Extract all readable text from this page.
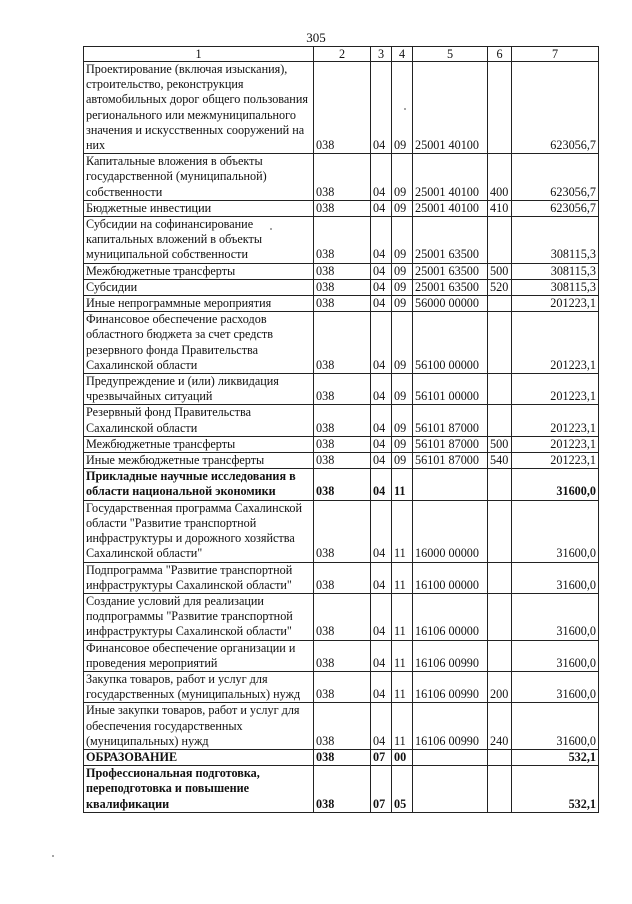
305
1	2	3	4	5	6	7
Проектирование (включая изыскания), строительство, реконструкция автомобильных дорог общего пользования регионального или межмуниципального значения и искусственных сооружений на них	038	04	09	25001 40100		623056,7
Капитальные вложения в объекты государственной (муниципальной) собственности	038	04	09	25001 40100	400	623056,7
Бюджетные инвестиции	038	04	09	25001 40100	410	623056,7
Субсидии на софинансирование капитальных вложений в объекты муниципальной собственности	038	04	09	25001 63500		308115,3
Межбюджетные трансферты	038	04	09	25001 63500	500	308115,3
Субсидии	038	04	09	25001 63500	520	308115,3
Иные непрограммные мероприятия	038	04	09	56000 00000		201223,1
Финансовое обеспечение расходов областного бюджета за счет средств резервного фонда Правительства Сахалинской области	038	04	09	56100 00000		201223,1
Предупреждение и (или) ликвидация чрезвычайных ситуаций	038	04	09	56101 00000		201223,1
Резервный фонд Правительства Сахалинской области	038	04	09	56101 87000		201223,1
Межбюджетные трансферты	038	04	09	56101 87000	500	201223,1
Иные межбюджетные трансферты	038	04	09	56101 87000	540	201223,1
Прикладные научные исследования в области национальной экономики	038	04	11			31600,0
Государственная программа Сахалинской области "Развитие транспортной инфраструктуры и дорожного хозяйства Сахалинской области"	038	04	11	16000 00000		31600,0
Подпрограмма "Развитие транспортной инфраструктуры Сахалинской области"	038	04	11	16100 00000		31600,0
Создание условий для реализации подпрограммы "Развитие транспортной инфраструктуры Сахалинской области"	038	04	11	16106 00000		31600,0
Финансовое обеспечение организации и проведения мероприятий	038	04	11	16106 00990		31600,0
Закупка товаров, работ и услуг для государственных (муниципальных) нужд	038	04	11	16106 00990	200	31600,0
Иные закупки товаров, работ и услуг для обеспечения государственных (муниципальных) нужд	038	04	11	16106 00990	240	31600,0
ОБРАЗОВАНИЕ	038	07	00			532,1
Профессиональная подготовка, переподготовка и повышение квалификации	038	07	05			532,1
